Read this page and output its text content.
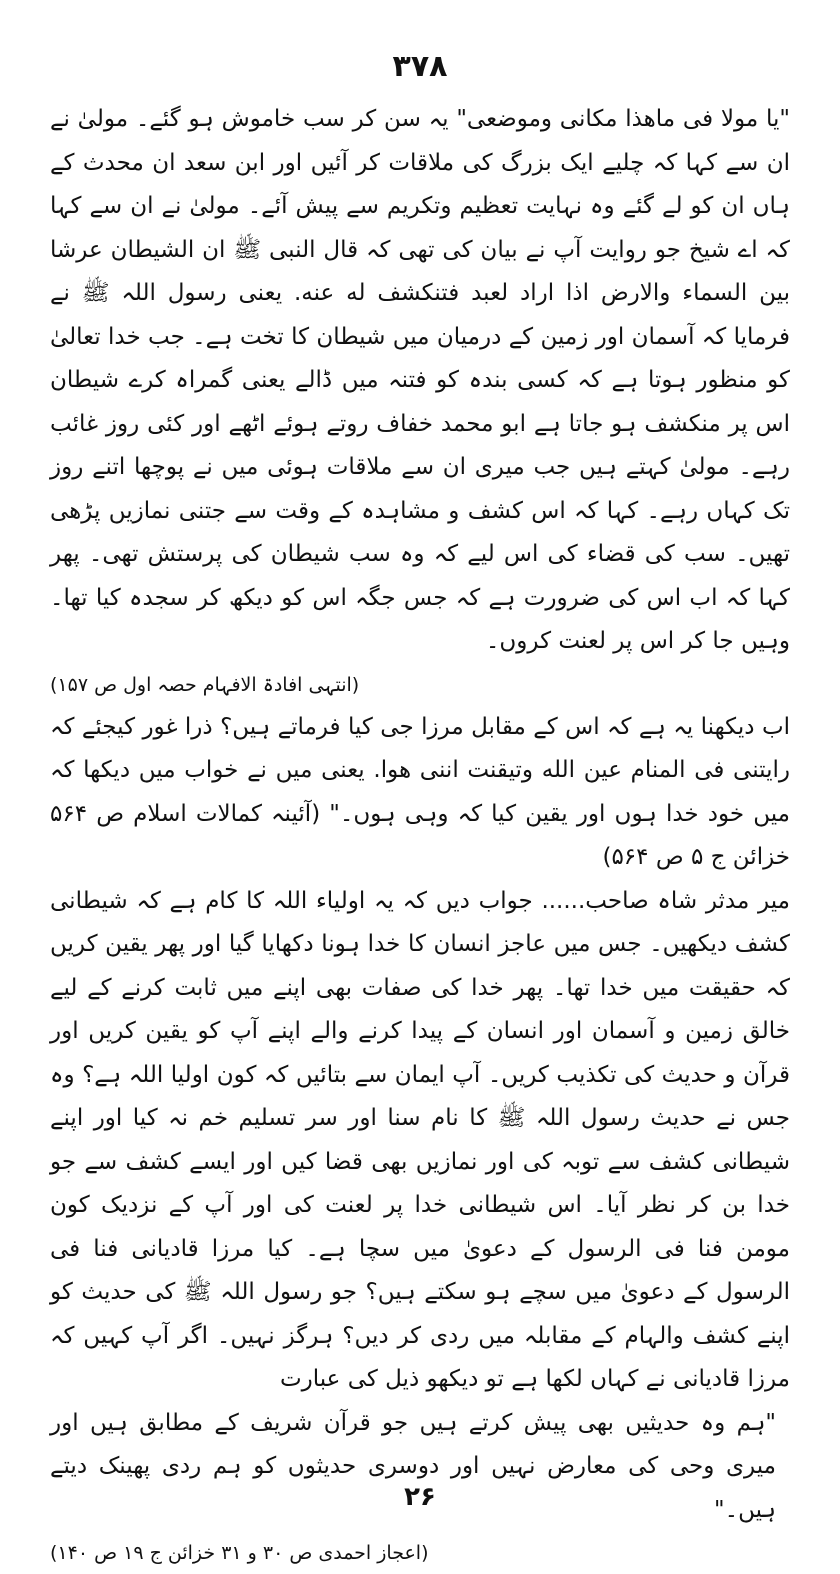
۳۷۸

"یا مولا فی ماھذا مکانی وموضعی" یہ سن کر سب خاموش ہو گئے۔ مولیٰ نے ان سے کہا کہ چلیے ایک بزرگ کی ملاقات کر آئیں اور ابن سعد ان محدث کے ہاں ان کو لے گئے وہ نہایت تعظیم وتکریم سے پیش آئے۔ مولیٰ نے ان سے کہا کہ اے شیخ جو روایت آپ نے بیان کی تھی کہ قال النبی ﷺ ان الشیطان عرشا بین السماء والارض اذا اراد لعبد فتنکشف له عنه. یعنی رسول اللہ ﷺ نے فرمایا کہ آسمان اور زمین کے درمیان میں شیطان کا تخت ہے۔ جب خدا تعالیٰ کو منظور ہوتا ہے کہ کسی بندہ کو فتنہ میں ڈالے یعنی گمراہ کرے شیطان اس پر منکشف ہو جاتا ہے ابو محمد خفاف روتے ہوئے اٹھے اور کئی روز غائب رہے۔ مولیٰ کہتے ہیں جب میری ان سے ملاقات ہوئی میں نے پوچھا اتنے روز تک کہاں رہے۔ کہا کہ اس کشف و مشاہدہ کے وقت سے جتنی نمازیں پڑھی تھیں۔ سب کی قضاء کی اس لیے کہ وہ سب شیطان کی پرستش تھی۔ پھر کہا کہ اب اس کی ضرورت ہے کہ جس جگہ اس کو دیکھ کر سجدہ کیا تھا۔ وہیں جا کر اس پر لعنت کروں۔

(انتہی افادۃ الافہام حصہ اول ص ۱۵۷)

اب دیکھنا یہ ہے کہ اس کے مقابل مرزا جی کیا فرماتے ہیں؟ ذرا غور کیجئے کہ رایتنی فی المنام عین الله وتیقنت اننی ھوا. یعنی میں نے خواب میں دیکھا کہ میں خود خدا ہوں اور یقین کیا کہ وہی ہوں۔" (آئینہ کمالات اسلام ص ۵۶۴ خزائن ج ۵ ص ۵۶۴)

میر مدثر شاہ صاحب...... جواب دیں کہ یہ اولیاء اللہ کا کام ہے کہ شیطانی کشف دیکھیں۔ جس میں عاجز انسان کا خدا ہونا دکھایا گیا اور پھر یقین کریں کہ حقیقت میں خدا تھا۔ پھر خدا کی صفات بھی اپنے میں ثابت کرنے کے لیے خالق زمین و آسمان اور انسان کے پیدا کرنے والے اپنے آپ کو یقین کریں اور قرآن و حدیث کی تکذیب کریں۔ آپ ایمان سے بتائیں کہ کون اولیا اللہ ہے؟ وہ جس نے حدیث رسول اللہ ﷺ کا نام سنا اور سر تسلیم خم نہ کیا اور اپنے شیطانی کشف سے توبہ کی اور نمازیں بھی قضا کیں اور ایسے کشف سے جو خدا بن کر نظر آیا۔ اس شیطانی خدا پر لعنت کی اور آپ کے نزدیک کون مومن فنا فی الرسول کے دعویٰ میں سچا ہے۔ کیا مرزا قادیانی فنا فی الرسول کے دعویٰ میں سچے ہو سکتے ہیں؟ جو رسول اللہ ﷺ کی حدیث کو اپنے کشف والہام کے مقابلہ میں ردی کر دیں؟ ہرگز نہیں۔ اگر آپ کہیں کہ مرزا قادیانی نے کہاں لکھا ہے تو دیکھو ذیل کی عبارت

"ہم وہ حدیثیں بھی پیش کرتے ہیں جو قرآن شریف کے مطابق ہیں اور میری وحی کی معارض نہیں اور دوسری حدیثوں کو ہم ردی پھینک دیتے ہیں۔"

(اعجاز احمدی ص ۳۰ و ۳۱ خزائن ج ۱۹ ص ۱۴۰)

۲۶
